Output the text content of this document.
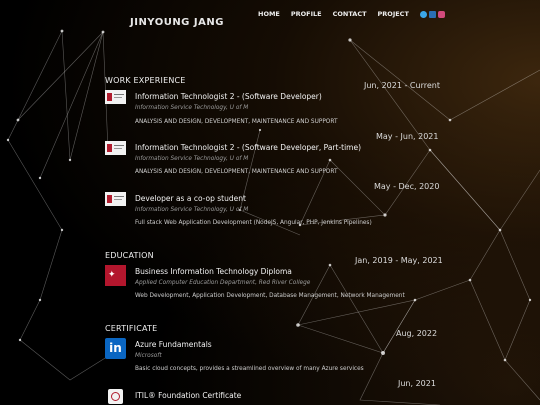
JINYOUNG JANG
HOME PROFILE CONTACT PROJECT
WORK EXPERIENCE
Jun, 2021 - Current
Information Technologist 2 - (Software Developer)
Information Service Technology, U of M
ANALYSIS AND DESIGN, DEVELOPMENT, MAINTENANCE AND SUPPORT
May - Jun, 2021
Information Technologist 2 - (Software Developer, Part-time)
Information Service Technology, U of M
ANALYSIS AND DESIGN, DEVELOPMENT, MAINTENANCE AND SUPPORT
May - Dec, 2020
Developer as a co-op student
Information Service Technology, U of M
Full stack Web Application Development (NodeJS, Angular, PHP, Jenkins Pipelines)
EDUCATION
Jan, 2019 - May, 2021
✦	Business Information Technology Diploma
Applied Computer Education Department, Red River College
Web Development, Application Development, Database Management, Network Management
CERTIFICATE
Aug, 2022
in	Azure Fundamentals
Microsoft
Basic cloud concepts, provides a streamlined overview of many Azure services
Jun, 2021
ITIL® Foundation Certificate
